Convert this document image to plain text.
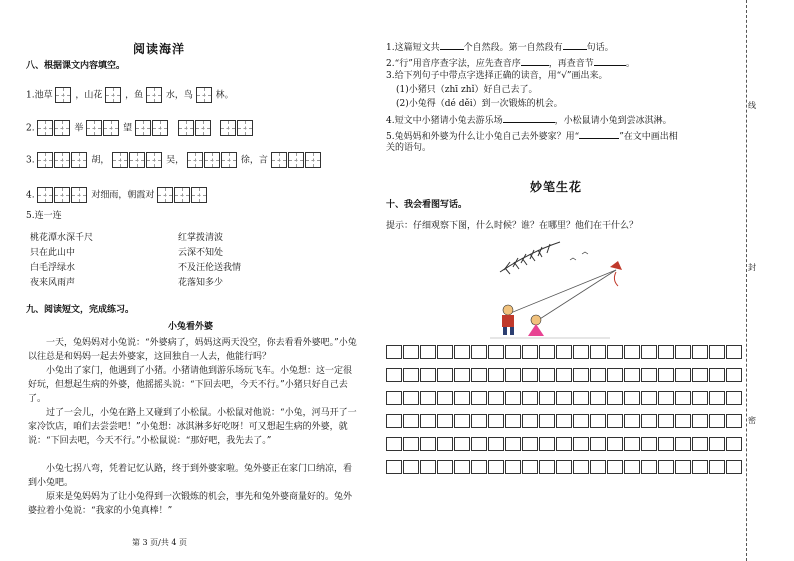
阅读海洋
八、根据课文内容填空。
1.池草	，山花	，鱼	水，鸟	林。
2.	举	望

3.	胡，	吴，	徐，言
4.	对细雨，朝霞对
5.连一连
桃花潭水深千尺
只在此山中
白毛浮绿水
夜来风雨声
红掌拨清波
云深不知处
不及汪伦送我情
花落知多少
九、阅读短文，完成练习。
小兔看外婆
一天，兔妈妈对小兔说：“外婆病了，妈妈这两天没空，你去看看外婆吧。”小兔以往总是和妈妈一起去外婆家，这回独自一人去，他能行吗？
小兔出了家门，他遇到了小猪。小猪请他到游乐场玩飞车。小兔想：这一定很好玩，但想起生病的外婆，他摇摇头说：“下回去吧，今天不行。”小猪只好自己去了。
过了一会儿，小兔在路上又碰到了小松鼠。小松鼠对他说：“小兔，河马开了一家冷饮店，咱们去尝尝吧！”小兔想：冰淇淋多好吃呀！可又想起生病的外婆，就说：“下回去吧，今天不行。”小松鼠说：“那好吧，我先去了。”
小兔七拐八弯，凭着记忆认路，终于到外婆家啦。兔外婆正在家门口纳凉，看到小兔吧。
原来是兔妈妈为了让小兔得到一次锻炼的机会，事先和兔外婆商量好的。兔外婆拉着小兔说：“我家的小兔真棒！”
第 3 页/共 4 页
1.这篇短文共	个自然段。第一自然段有	句话。
2.“行”用音序查字法，应先查音序	，再查音节	。
3.给下列句子中带点字选择正确的读音，用“√”画出来。
(1)小猪只（zhī zhǐ）好自己去了。
(2)小兔得（dé děi）到一次锻炼的机会。
4.短文中小猪请小兔去游乐场	，小松鼠请小兔到尝冰淇淋。
5.兔妈妈和外婆为什么让小兔自己去外婆家？用“	”在文中画出相
关的语句。
妙笔生花
十、我会看图写话。
提示：仔细观察下图，什么时候？谁？在哪里？他们在干什么？
线
封
密
